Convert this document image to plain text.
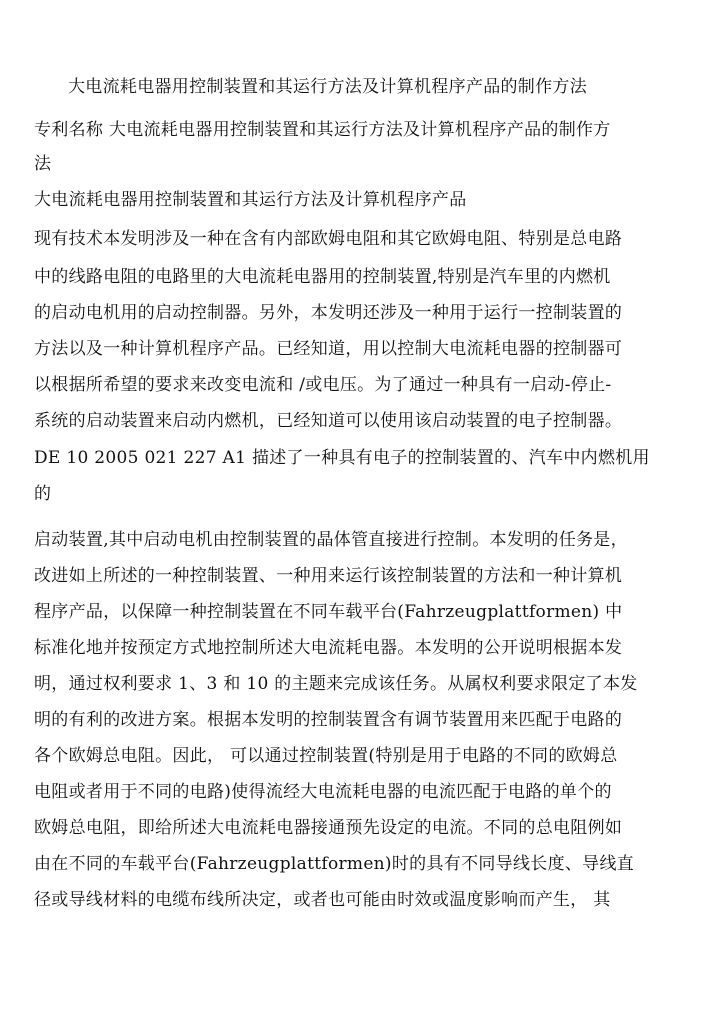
大电流耗电器用控制装置和其运行方法及计算机程序产品的制作方法
专利名称 大电流耗电器用控制装置和其运行方法及计算机程序产品的制作方
法
大电流耗电器用控制装置和其运行方法及计算机程序产品
现有技术本发明涉及一种在含有内部欧姆电阻和其它欧姆电阻、特别是总电路
中的线路电阻的电路里的大电流耗电器用的控制装置,特别是汽车里的内燃机
的启动电机用的启动控制器。另外，本发明还涉及一种用于运行一控制装置的
方法以及一种计算机程序产品。已经知道，用以控制大电流耗电器的控制器可
以根据所希望的要求来改变电流和 /或电压。为了通过一种具有一启动-停止-
系统的启动装置来启动内燃机，已经知道可以使用该启动装置的电子控制器。
DE 10 2005 021 227 A1 描述了一种具有电子的控制装置的、汽车中内燃机用
的
启动装置,其中启动电机由控制装置的晶体管直接进行控制。本发明的任务是，
改进如上所述的一种控制装置、一种用来运行该控制装置的方法和一种计算机
程序产品，以保障一种控制装置在不同车载平台(Fahrzeugplattformen) 中
标准化地并按预定方式地控制所述大电流耗电器。本发明的公开说明根据本发
明，通过权利要求 1、3 和 10 的主题来完成该任务。从属权利要求限定了本发
明的有利的改进方案。根据本发明的控制装置含有调节装置用来匹配于电路的
各个欧姆总电阻。因此， 可以通过控制装置(特别是用于电路的不同的欧姆总
电阻或者用于不同的电路)使得流经大电流耗电器的电流匹配于电路的单个的
欧姆总电阻，即给所述大电流耗电器接通预先设定的电流。不同的总电阻例如
由在不同的车载平台(Fahrzeugplattformen)时的具有不同导线长度、导线直
径或导线材料的电缆布线所决定，或者也可能由时效或温度影响而产生， 其
